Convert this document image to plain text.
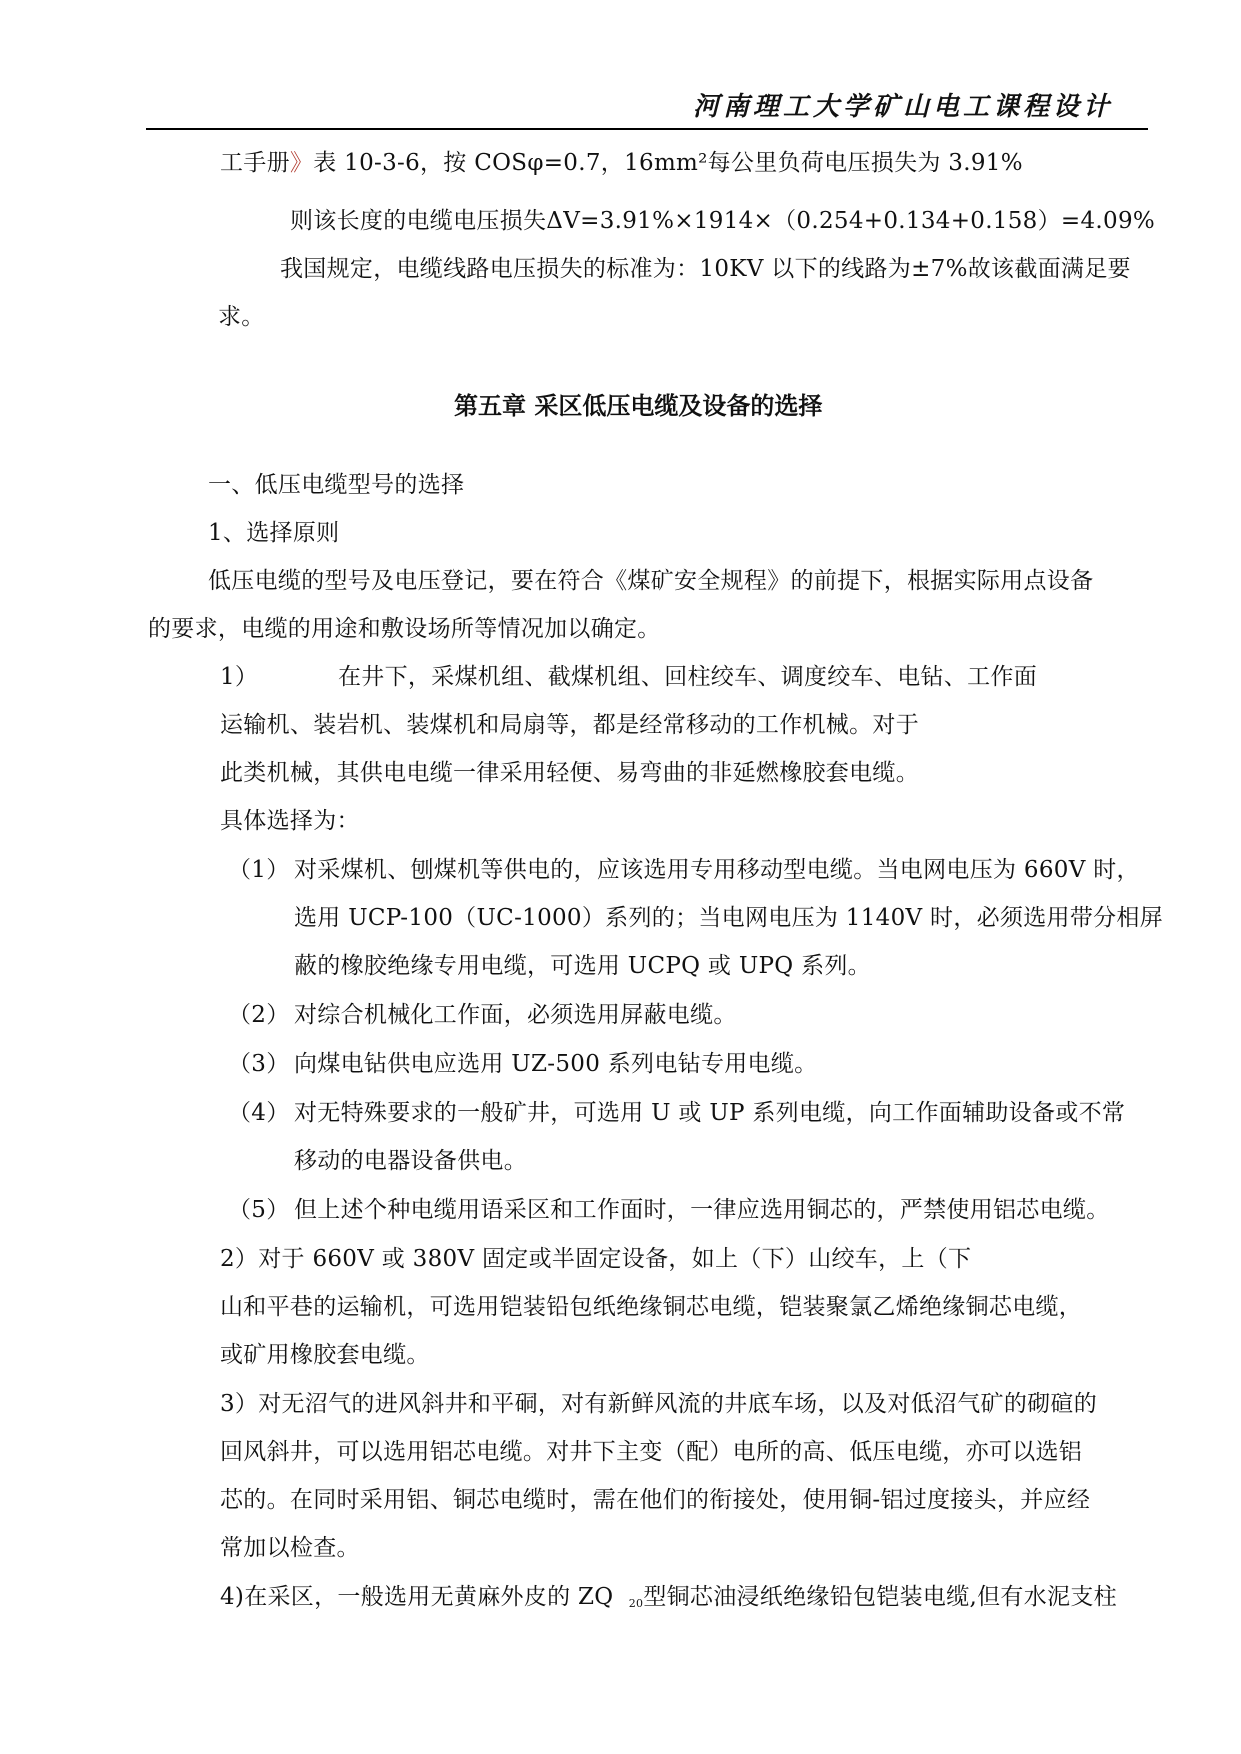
河南理工大学矿山电工课程设计
工手册》表 10-3-6，按 COSφ=0.7，16mm²每公里负荷电压损失为 3.91%
则该长度的电缆电压损失ΔV=3.91%×1914×（0.254+0.134+0.158）=4.09%
我国规定，电缆线路电压损失的标准为：10KV 以下的线路为±7%故该截面满足要
求。
第五章 采区低压电缆及设备的选择
一、低压电缆型号的选择
1、选择原则
低压电缆的型号及电压登记，要在符合《煤矿安全规程》的前提下，根据实际用点设备
的要求，电缆的用途和敷设场所等情况加以确定。
1）	在井下，采煤机组、截煤机组、回柱绞车、调度绞车、电钻、工作面
运输机、装岩机、装煤机和局扇等，都是经常移动的工作机械。对于
此类机械，其供电电缆一律采用轻便、易弯曲的非延燃橡胶套电缆。
具体选择为：
（1） 对采煤机、刨煤机等供电的，应该选用专用移动型电缆。当电网电压为 660V 时，
选用 UCP-100（UC-1000）系列的；当电网电压为 1140V 时，必须选用带分相屏
蔽的橡胶绝缘专用电缆，可选用 UCPQ 或 UPQ 系列。
（2） 对综合机械化工作面，必须选用屏蔽电缆。
（3） 向煤电钻供电应选用 UZ-500 系列电钻专用电缆。
（4） 对无特殊要求的一般矿井，可选用 U 或 UP 系列电缆，向工作面辅助设备或不常
移动的电器设备供电。
（5） 但上述个种电缆用语采区和工作面时，一律应选用铜芯的，严禁使用铝芯电缆。
2）对于 660V 或 380V 固定或半固定设备，如上（下）山绞车，上（下
山和平巷的运输机，可选用铠装铅包纸绝缘铜芯电缆，铠装聚氯乙烯绝缘铜芯电缆，
或矿用橡胶套电缆。
3）对无沼气的进风斜井和平硐，对有新鲜风流的井底车场，以及对低沼气矿的砌碹的
回风斜井，可以选用铝芯电缆。对井下主变（配）电所的高、低压电缆，亦可以选铝
芯的。在同时采用铝、铜芯电缆时，需在他们的衔接处，使用铜-铝过度接头，并应经
常加以检查。
4)在采区，一般选用无黄麻外皮的 ZQ $_{20}$型铜芯油浸纸绝缘铅包铠装电缆,但有水泥支柱
